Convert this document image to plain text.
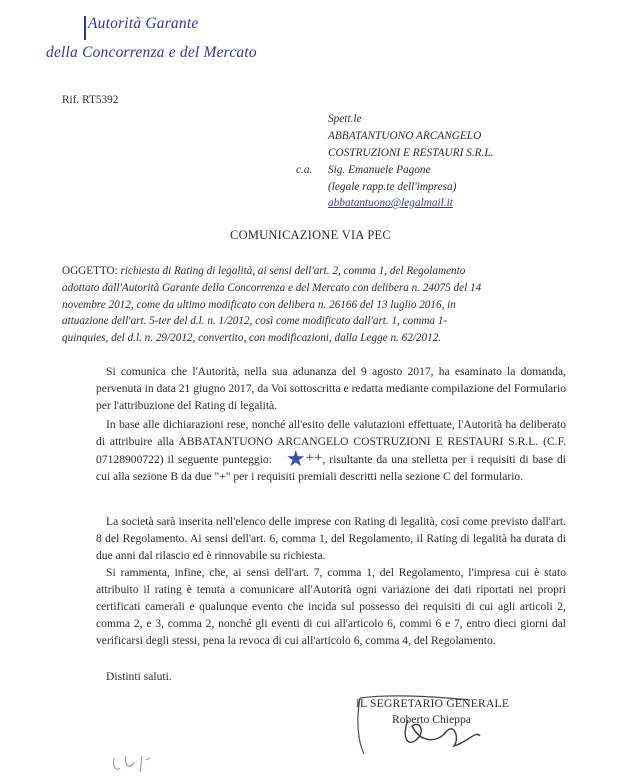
Autorità Garante
della Concorrenza e del Mercato
Rif. RT5392
Spett.le
ABBATANTUONO ARCANGELO
COSTRUZIONI E RESTAURI S.R.L.
c.a. Sig. Emanuele Pagone
(legale rapp.te dell'impresa)
abbatantuono@legalmail.it
COMUNICAZIONE VIA PEC
OGGETTO: richiesta di Rating di legalità, ai sensi dell'art. 2, comma 1, del Regolamento
adottato dall'Autorità Garante della Concorrenza e del Mercato con delibera n. 24075 del 14
novembre 2012, come da ultimo modificato con delibera n. 26166 del 13 luglio 2016, in
attuazione dell'art. 5-ter del d.l. n. 1/2012, così come modificato dall'art. 1, comma 1-
quinquies, del d.l. n. 29/2012, convertito, con modificazioni, dalla Legge n. 62/2012.
Si comunica che l'Autorità, nella sua adunanza del 9 agosto 2017, ha esaminato la domanda, pervenuta in data 21 giugno 2017, da Voi sottoscritta e redatta mediante compilazione del Formulario per l'attribuzione del Rating di legalità.
In base alle dichiarazioni rese, nonché all'esito delle valutazioni effettuate, l'Autorità ha deliberato di attribuire alla ABBATANTUONO ARCANGELO COSTRUZIONI E RESTAURI S.R.L. (C.F. 07128900722) il seguente punteggio: ★++, risultante da una stelletta per i requisiti di base di cui alla sezione B da due "+" per i requisiti premiali descritti nella sezione C del formulario.
La società sarà inserita nell'elenco delle imprese con Rating di legalità, così come previsto dall'art. 8 del Regolamento. Ai sensi dell'art. 6, comma 1, del Regolamento, il Rating di legalità ha durata di due anni dal rilascio ed è rinnovabile su richiesta.
Si rammenta, infine, che, ai sensi dell'art. 7, comma 1, del Regolamento, l'impresa cui è stato attribuito il rating è tenuta a comunicare all'Autorità ogni variazione dei dati riportati nei propri certificati camerali e qualunque evento che incida sul possesso dei requisiti di cui agli articoli 2, comma 2, e 3, comma 2, nonché gli eventi di cui all'articolo 6, commi 6 e 7, entro dieci giorni dal verificarsi degli stessi, pena la revoca di cui all'articolo 6, comma 4, del Regolamento.
Distinti saluti.
IL SEGRETARIO GENERALE
Roberto Chieppa
